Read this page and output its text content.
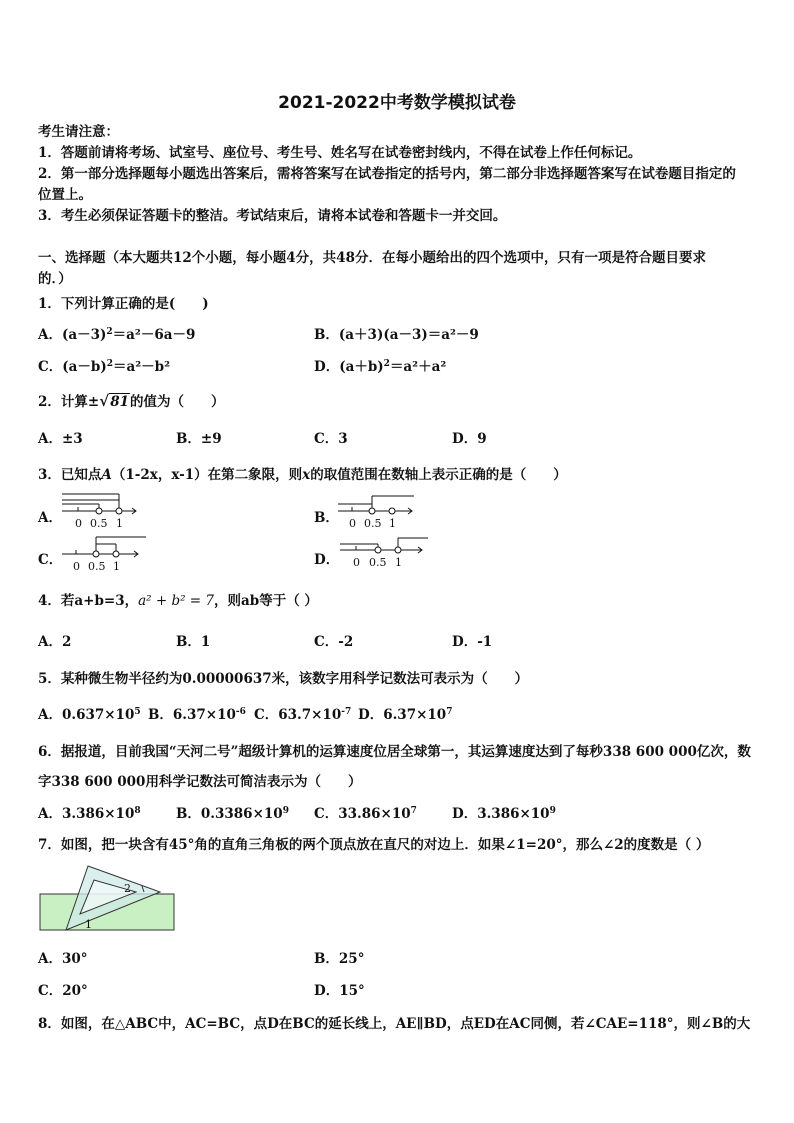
2021-2022中考数学模拟试卷
考生请注意：
1．答题前请将考场、试室号、座位号、考生号、姓名写在试卷密封线内，不得在试卷上作任何标记。
2．第一部分选择题每小题选出答案后，需将答案写在试卷指定的括号内，第二部分非选择题答案写在试卷题目指定的
位置上。
3．考生必须保证答题卡的整洁。考试结束后，请将本试卷和答题卡一并交回。
一、选择题（本大题共12个小题，每小题4分，共48分．在每小题给出的四个选项中，只有一项是符合题目要求
的．）
1．下列计算正确的是(　　)
A．$(a-3)^2=a^2-6a-9$	B．(a＋3)(a－3)＝a²－9
C．$(a-b)^2=a^2-b^2$	D．$(a+b)^2=a^2+a^2$
2．计算± √ 81的值为（　　）
A．±3	B．±9	C．3	D．9
3．已知点A（1-2x，x-1）在第二象限，则x的取值范围在数轴上表示正确的是（　　）
A． 0 0.5 1	B． 0 0.5 1
C． 0 0.5 1	D． 0 0.5 1
4．若a+b=3，a² + b² = 7，则ab等于（ ）
A．2	B．1	C．-2	D．-1
5．某种微生物半径约为0.00000637米，该数字用科学记数法可表示为（　　）
A．$0.637\times 10^5$ B．$6.37\times 10^{-6}$ C．$63.7\times 10^{-7}$ D．$6.37\times 10^7$
6．据报道，目前我国“天河二号”超级计算机的运算速度位居全球第一，其运算速度达到了每秒338 600 000亿次，数
字338 600 000用科学记数法可简洁表示为（　　）
A．$3.386\times 10^8$	B．$0.3386\times 10^9$ C．$33.86\times 10^7$	D．$3.386\times 10^9$
7．如图，把一块含有45°角的直角三角板的两个顶点放在直尺的对边上．如果∠1=20°，那么∠2的度数是（ ）
2
1
A．30°	B．25°
C．20°	D．15°
8．如图，在△ABC中，AC=BC，点D在BC的延长线上，AE∥BD，点ED在AC同侧，若∠CAE=118°，则∠B的大
